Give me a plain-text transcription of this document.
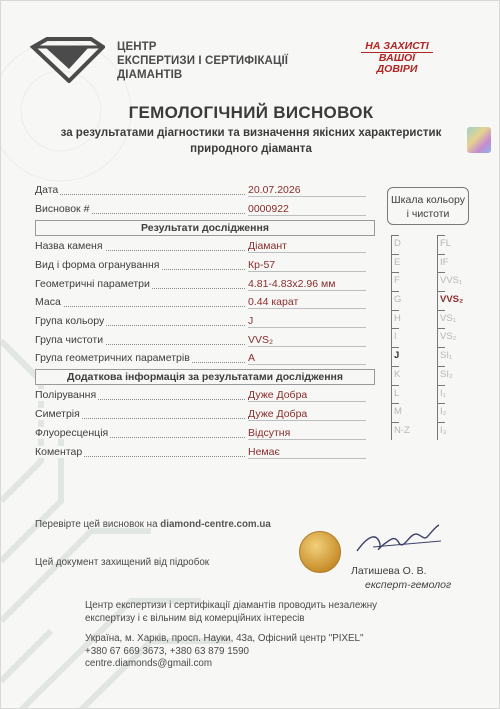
ЦЕНТР
ЕКСПЕРТИЗИ І СЕРТИФІКАЦІЇ
ДІАМАНТІВ
НА ЗАХИСТІ
ВАШОЇ
ДОВІРИ
ГЕМОЛОГІЧНИЙ ВИСНОВОК
за результатами діагностики та визначення якісних характеристик
природного діаманта
Дата	20.07.2026
Висновок #	0000922
Результати дослідження
Назва каменя	Діамант
Вид і форма огранування	Кр-57
Геометричні параметри	4.81-4.83x2.96 мм
Маса	0.44 карат
Група кольору	J
Група чистоти	VVS₂
Група геометричних параметрів	A
Додаткова інформація за результатами дослідження
Полірування	Дуже Добра
Симетрія	Дуже Добра
Флуоресценція	Відсутня
Коментар	Немає
Шкала кольору
і чистоти
D	FL
E	IF
F	VVS₁
G	VVS₂
H	VS₁
I	VS₂
J	SI₁
K	SI₂
L	I₁
M	I₂
N-Z	I₃
Перевірте цей висновок на diamond-centre.com.ua
Цей документ захищений від підробок
Латишева О. В.
експерт-гемолог
Центр експертизи і сертифікації діамантів проводить незалежну
експертизу і є вільним від комерційних інтересів
Україна, м. Харків, просп. Науки, 43а, Офісний центр "PIXEL"
+380 67 669 3673, +380 63 879 1590
centre.diamonds@gmail.com
